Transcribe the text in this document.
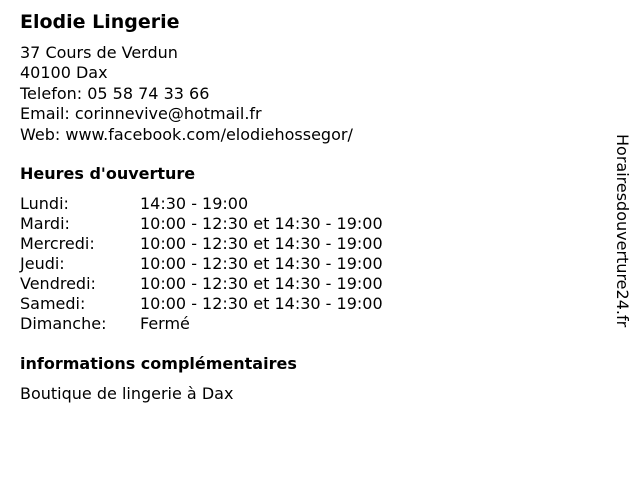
Elodie Lingerie
37 Cours de Verdun
40100 Dax
Telefon: 05 58 74 33 66
Email: corinnevive@hotmail.fr
Web: www.facebook.com/elodiehossegor/
Heures d'ouverture
Lundi:	14:30 - 19:00
Mardi:	10:00 - 12:30 et 14:30 - 19:00
Mercredi:	10:00 - 12:30 et 14:30 - 19:00
Jeudi:	10:00 - 12:30 et 14:30 - 19:00
Vendredi:	10:00 - 12:30 et 14:30 - 19:00
Samedi:	10:00 - 12:30 et 14:30 - 19:00
Dimanche: Fermé
informations complémentaires
Boutique de lingerie à Dax
Horairesdouverture24.fr
